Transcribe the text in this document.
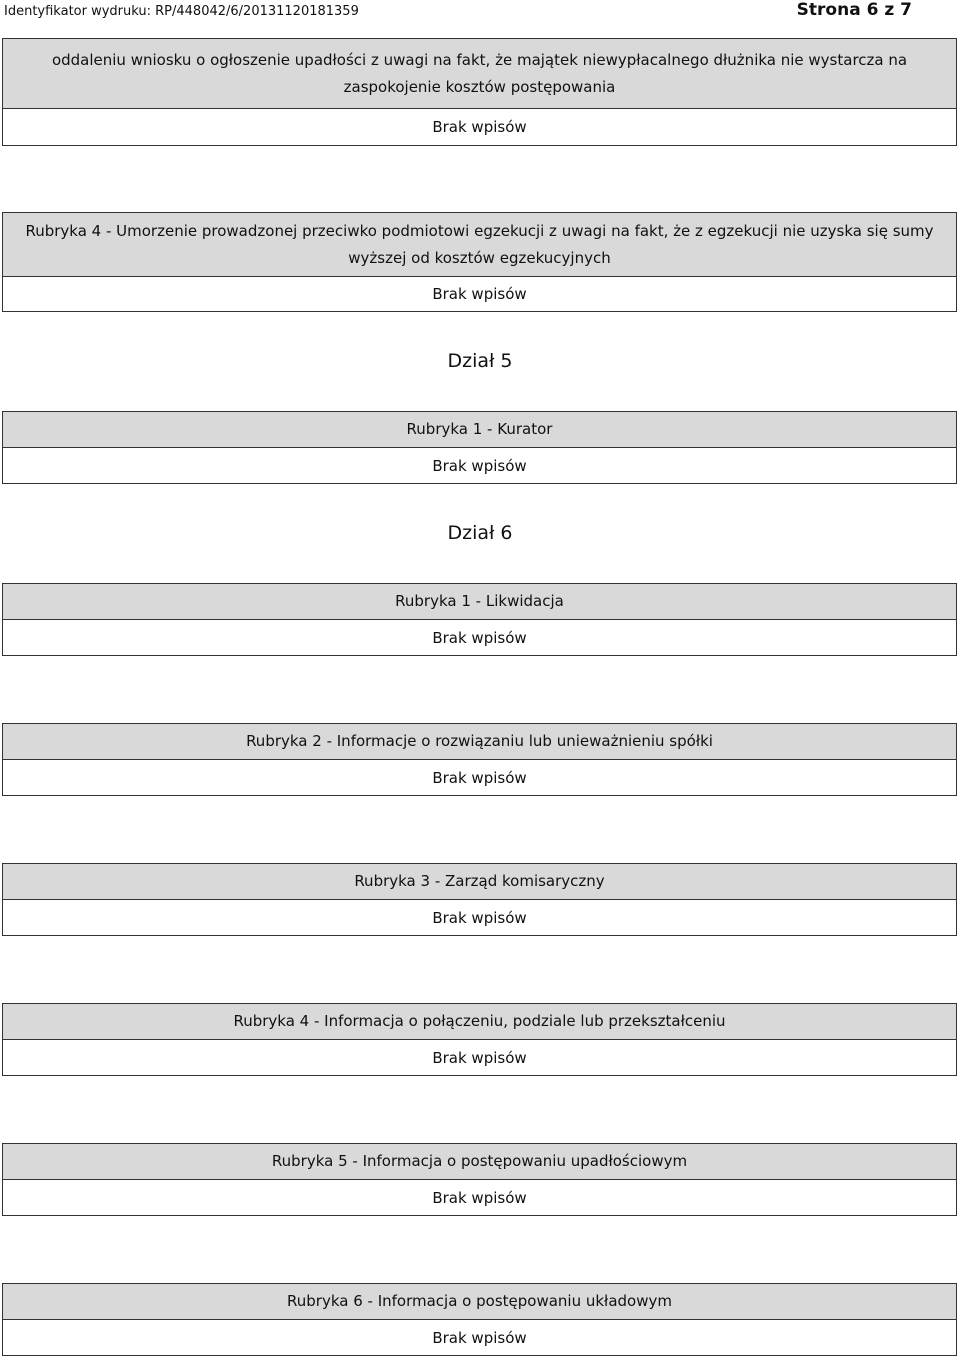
Identyfikator wydruku: RP/448042/6/20131120181359	Strona 6 z 7
oddaleniu wniosku o ogłoszenie upadłości z uwagi na fakt, że majątek niewypłacalnego dłużnika nie wystarcza na zaspokojenie kosztów postępowania
Brak wpisów
Rubryka 4 - Umorzenie prowadzonej przeciwko podmiotowi egzekucji z uwagi na fakt, że z egzekucji nie uzyska się sumy wyższej od kosztów egzekucyjnych
Brak wpisów
Dział 5
Rubryka 1 - Kurator
Brak wpisów
Dział 6
Rubryka 1 - Likwidacja
Brak wpisów
Rubryka 2 - Informacje o rozwiązaniu lub unieważnieniu spółki
Brak wpisów
Rubryka 3 - Zarząd komisaryczny
Brak wpisów
Rubryka 4 - Informacja o połączeniu, podziale lub przekształceniu
Brak wpisów
Rubryka 5 - Informacja o postępowaniu upadłościowym
Brak wpisów
Rubryka 6 - Informacja o postępowaniu układowym
Brak wpisów
